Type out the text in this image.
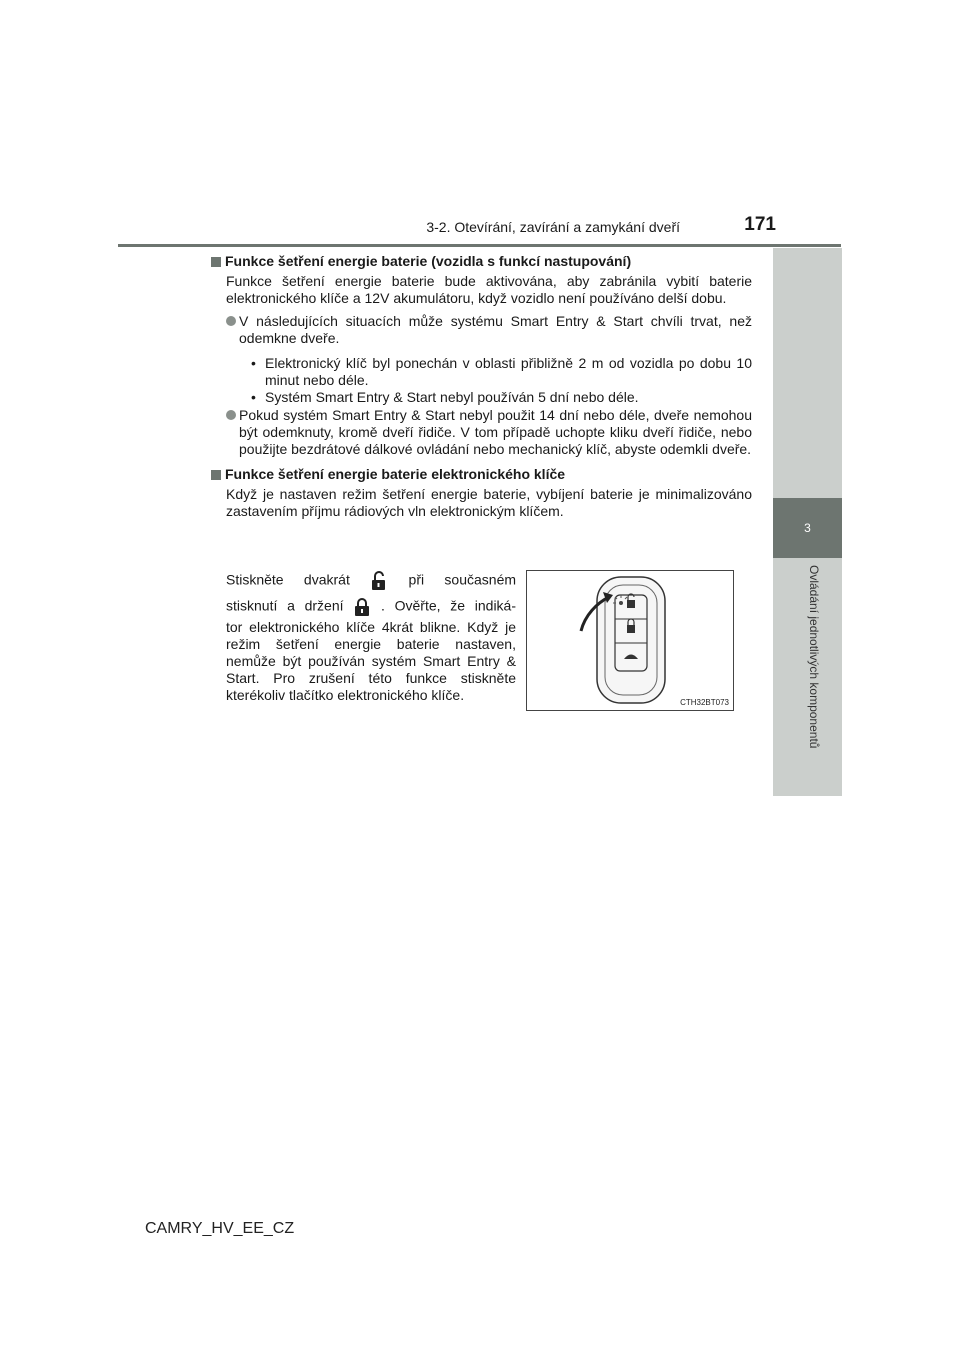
3-2. Otevírání, zavírání a zamykání dveří	171
3
Ovládání jednotlivých komponentů
Funkce šetření energie baterie (vozidla s funkcí nastupování)
Funkce šetření energie baterie bude aktivována, aby zabránila vybití baterie elektronického klíče a 12V akumulátoru, když vozidlo není používáno delší dobu.
V následujících situacích může systému Smart Entry & Start chvíli trvat, než odemkne dveře.
• Elektronický klíč byl ponechán v oblasti přibližně 2 m od vozidla po dobu 10 minut nebo déle.
• Systém Smart Entry & Start nebyl používán 5 dní nebo déle.
Pokud systém Smart Entry & Start nebyl použit 14 dní nebo déle, dveře nemohou být odemknuty, kromě dveří řidiče. V tom případě uchopte kliku dveří řidiče, nebo použijte bezdrátové dálkové ovládání nebo mechanický klíč, abyste odemkli dveře.
Funkce šetření energie baterie elektronického klíče
Když je nastaven režim šetření energie baterie, vybíjení baterie je minimalizováno zastavením příjmu rádiových vln elektronickým klíčem.
Stiskněte dvakrát	při současném
stisknutí a držení	. Ověřte, že indiká-
tor elektronického klíče 4krát blikne. Když je režim šetření energie baterie nastaven, nemůže být používán systém Smart Entry & Start. Pro zrušení této funkce stiskněte kterékoliv tlačítko elektronického klíče.	CTH32BT073
CAMRY_HV_EE_CZ
